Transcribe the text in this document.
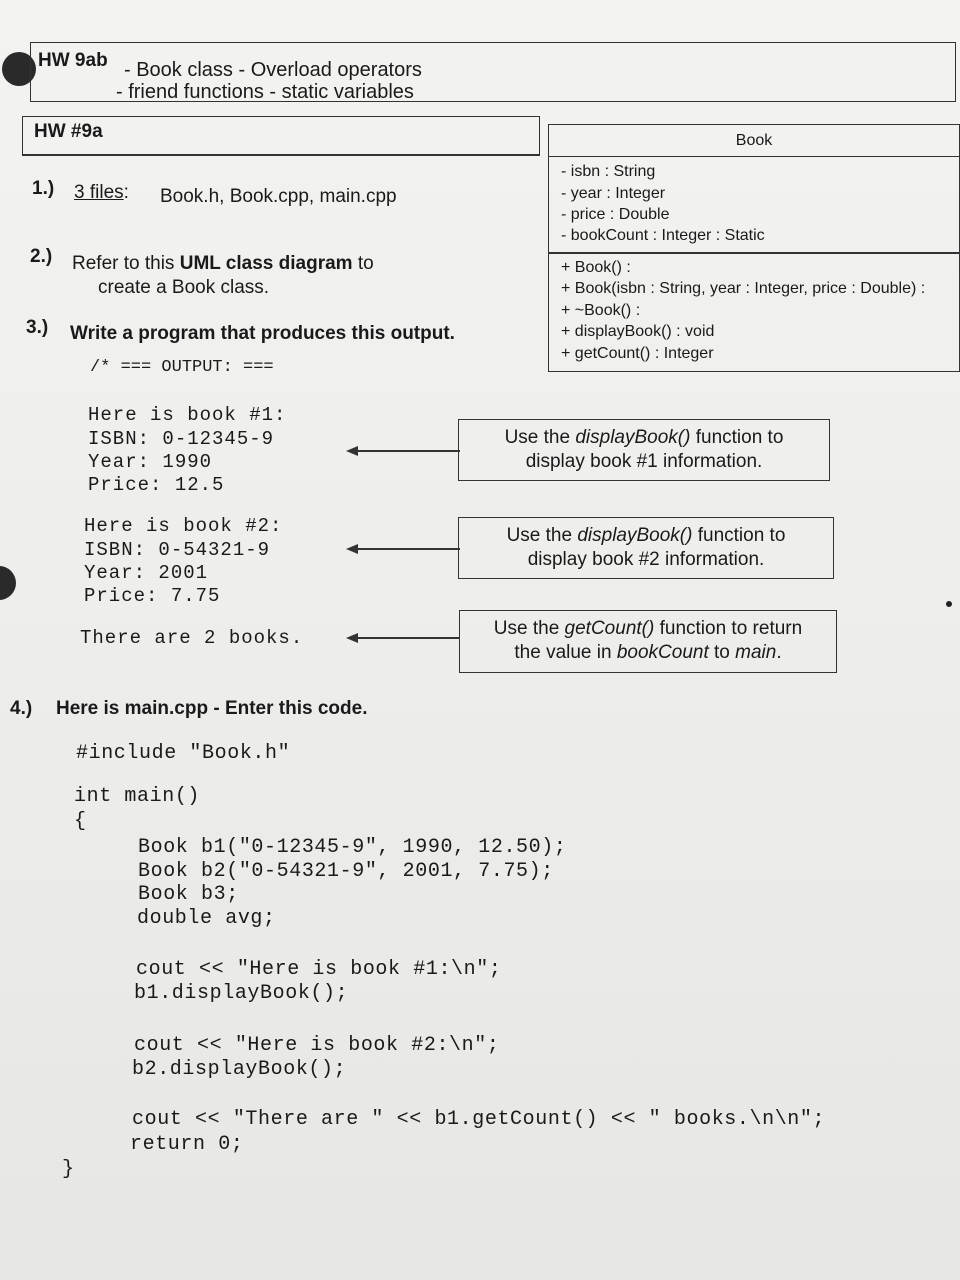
HW 9ab - Book class - Overload operators
- friend functions - static variables
HW #9a
1.) 3 files: Book.h, Book.cpp, main.cpp
2.) Refer to this UML class diagram to
create a Book class.
3.) Write a program that produces this output.
Book
- isbn : String
- year : Integer
- price : Double
- bookCount : Integer : Static
+ Book() :
+ Book(isbn : String, year : Integer, price : Double) :
+ ~Book() :
+ displayBook() : void
+ getCount() : Integer
/* === OUTPUT: ===
Here is book #1:
ISBN: 0-12345-9
Year: 1990
Price: 12.5
Here is book #2:
ISBN: 0-54321-9
Year: 2001
Price: 7.75
There are 2 books.
Use the displayBook() function to
display book #1 information.
Use the displayBook() function to
display book #2 information.
Use the getCount() function to return
the value in bookCount to main.
4.) Here is main.cpp - Enter this code.
#include "Book.h"
int main()
{
Book b1("0-12345-9", 1990, 12.50);
Book b2("0-54321-9", 2001, 7.75);
Book b3;
double avg;
cout << "Here is book #1:\n";
b1.displayBook();
cout << "Here is book #2:\n";
b2.displayBook();
cout << "There are " << b1.getCount() << " books.\n\n";
return 0;
}
